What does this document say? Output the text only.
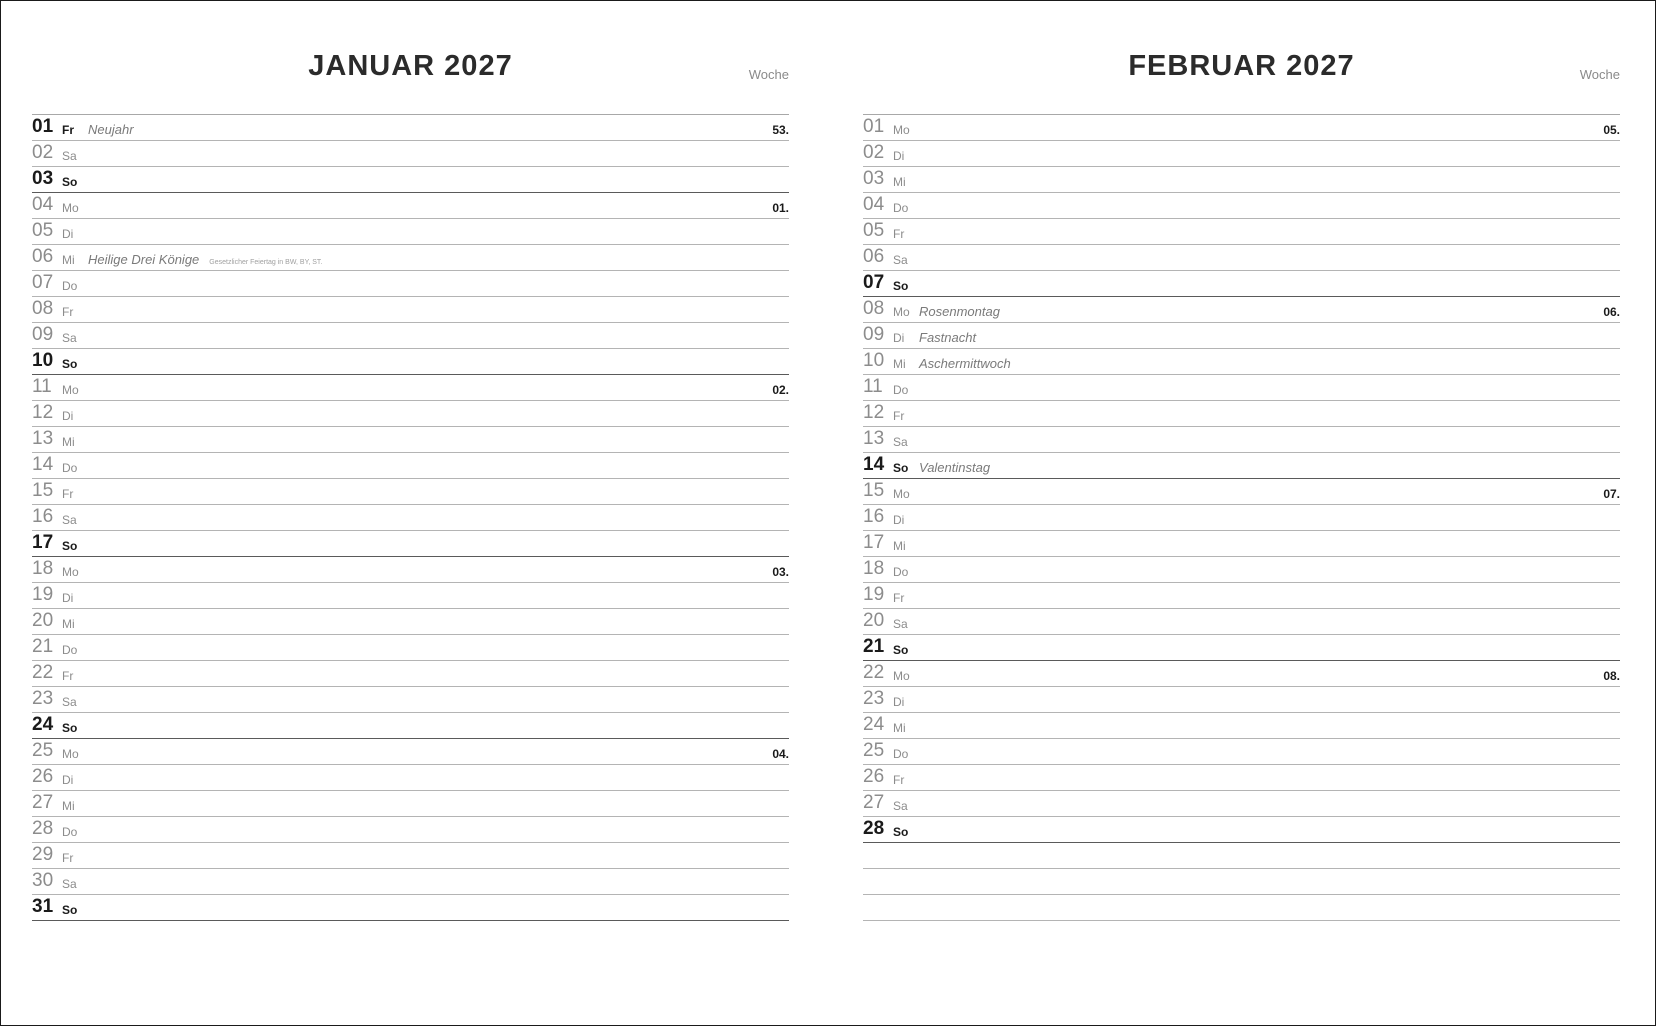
JANUAR 2027	Woche
01 Fr Neujahr	53.
02 Sa
03 So
04 Mo	01.
05 Di
06 Mi Heilige Drei Könige Gesetzlicher Feiertag in BW, BY, ST.
07 Do
08 Fr
09 Sa
10 So
11 Mo	02.
12 Di
13 Mi
14 Do
15 Fr
16 Sa
17 So
18 Mo	03.
19 Di
20 Mi
21 Do
22 Fr
23 Sa
24 So
25 Mo	04.
26 Di
27 Mi
28 Do
29 Fr
30 Sa
31 So
FEBRUAR 2027	Woche
01 Mo	05.
02 Di
03 Mi
04 Do
05 Fr
06 Sa
07 So
08 Mo Rosenmontag	06.
09 Di Fastnacht
10 Mi Aschermittwoch
11 Do
12 Fr
13 Sa
14 So Valentinstag
15 Mo	07.
16 Di
17 Mi
18 Do
19 Fr
20 Sa
21 So
22 Mo	08.
23 Di
24 Mi
25 Do
26 Fr
27 Sa
28 So
